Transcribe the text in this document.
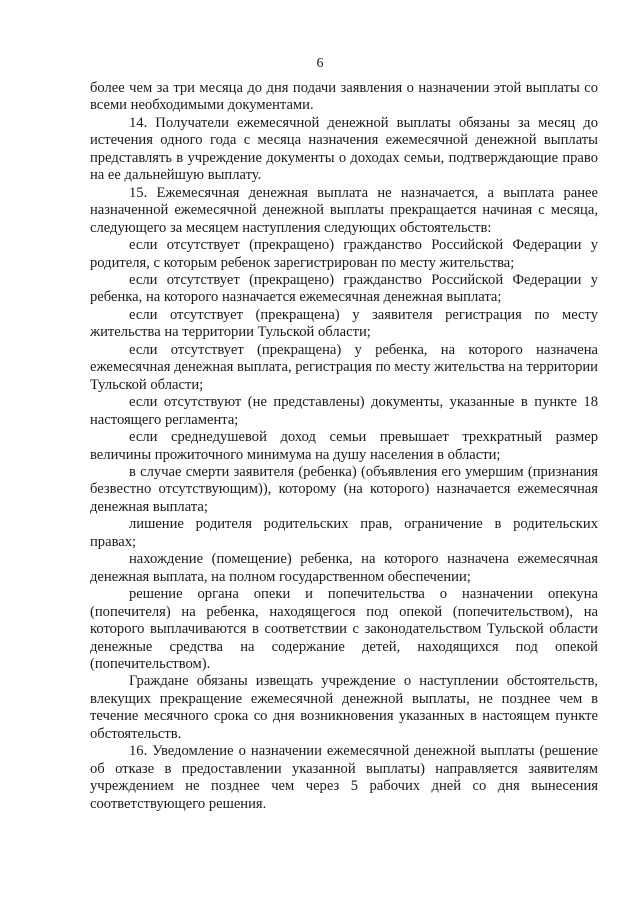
6

более чем за три месяца до дня подачи заявления о назначении этой выплаты со всеми необходимыми документами.

14. Получатели ежемесячной денежной выплаты обязаны за месяц до истечения одного года с месяца назначения ежемесячной денежной выплаты представлять в учреждение документы о доходах семьи, подтверждающие право на ее дальнейшую выплату.

15. Ежемесячная денежная выплата не назначается, а выплата ранее назначенной ежемесячной денежной выплаты прекращается начиная с месяца, следующего за месяцем наступления следующих обстоятельств:

если отсутствует (прекращено) гражданство Российской Федерации у родителя, с которым ребенок зарегистрирован по месту жительства;

если отсутствует (прекращено) гражданство Российской Федерации у ребенка, на которого назначается ежемесячная денежная выплата;

если отсутствует (прекращена) у заявителя регистрация по месту жительства на территории Тульской области;

если отсутствует (прекращена) у ребенка, на которого назначена ежемесячная денежная выплата, регистрация по месту жительства на территории Тульской области;

если отсутствуют (не представлены) документы, указанные в пункте 18 настоящего регламента;

если среднедушевой доход семьи превышает трехкратный размер величины прожиточного минимума на душу населения в области;

в случае смерти заявителя (ребенка) (объявления его умершим (признания безвестно отсутствующим)), которому (на которого) назначается ежемесячная денежная выплата;

лишение родителя родительских прав, ограничение в родительских правах;

нахождение (помещение) ребенка, на которого назначена ежемесячная денежная выплата, на полном государственном обеспечении;

решение органа опеки и попечительства о назначении опекуна (попечителя) на ребенка, находящегося под опекой (попечительством), на которого выплачиваются в соответствии с законодательством Тульской области денежные средства на содержание детей, находящихся под опекой (попечительством).

Граждане обязаны извещать учреждение о наступлении обстоятельств, влекущих прекращение ежемесячной денежной выплаты, не позднее чем в течение месячного срока со дня возникновения указанных в настоящем пункте обстоятельств.

16. Уведомление о назначении ежемесячной денежной выплаты (решение об отказе в предоставлении указанной выплаты) направляется заявителям учреждением не позднее чем через 5 рабочих дней со дня вынесения соответствующего решения.
